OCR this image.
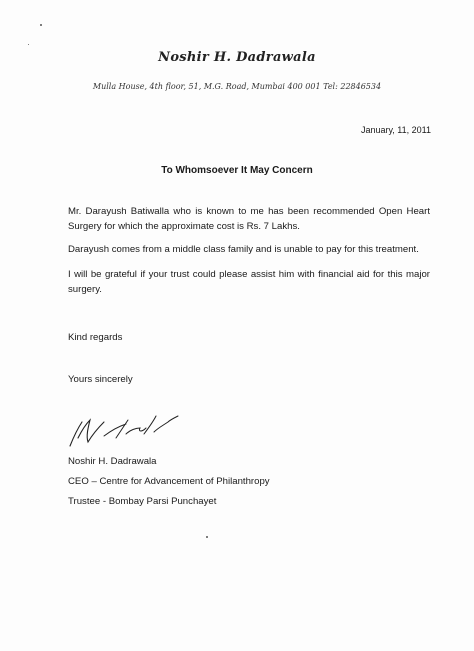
Noshir H. Dadrawala
Mulla House, 4th floor, 51, M.G. Road, Mumbai 400 001 Tel: 22846534
January, 11, 2011
To Whomsoever It May Concern
Mr. Darayush Batiwalla who is known to me has been recommended Open Heart Surgery for which the approximate cost is Rs. 7 Lakhs.
Darayush comes from a middle class family and is unable to pay for this treatment.
I will be grateful if your trust could please assist him with financial aid for this major surgery.
Kind regards
Yours sincerely
Noshir H. Dadrawala
CEO – Centre for Advancement of Philanthropy
Trustee - Bombay Parsi Punchayet
